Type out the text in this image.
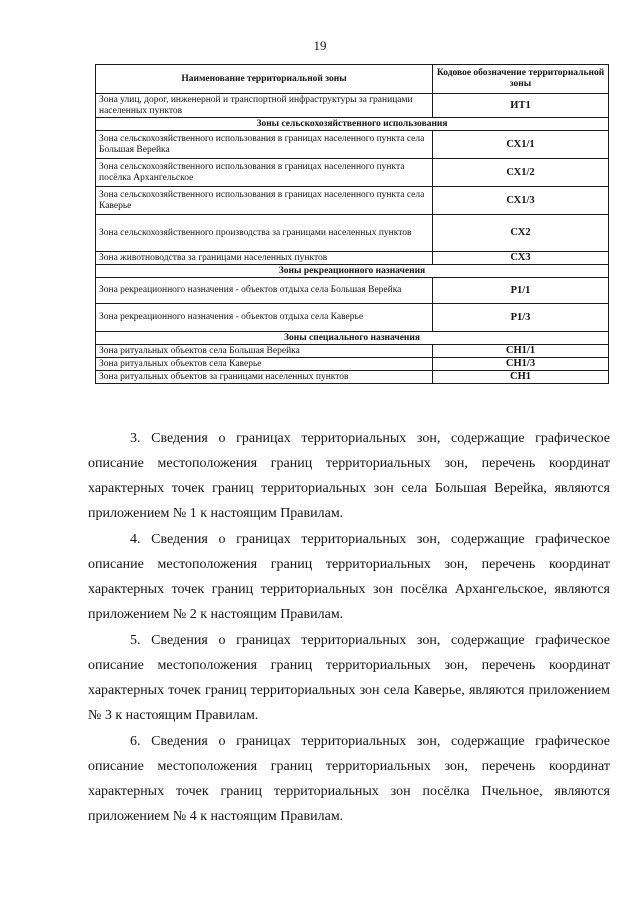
19
Наименование территориальной зоны	Кодовое обозначение территориальной зоны
Зона улиц, дорог, инженерной и транспортной инфраструктуры за границами населенных пунктов	ИТ1
Зоны сельскохозяйственного использования	
Зона сельскохозяйственного использования в границах населенного пункта села Большая Верейка	СХ1/1
Зона сельскохозяйственного использования в границах населенного пункта посёлка Архангельское	СХ1/2
Зона сельскохозяйственного использования в границах населенного пункта села Каверье	СХ1/3
Зона сельскохозяйственного производства за границами населенных пунктов	СХ2
Зона животноводства за границами населенных пунктов	СХ3
Зоны рекреационного назначения	
Зона рекреационного назначения - объектов отдыха села Большая Верейка	Р1/1
Зона рекреационного назначения - объектов отдыха села Каверье	Р1/3
Зоны специального назначения	
Зона ритуальных объектов села Большая Верейка	СН1/1
Зона ритуальных объектов села Каверье	СН1/3
Зона ритуальных объектов за границами населенных пунктов	СН1

3. Сведения о границах территориальных зон, содержащие графическое описание местоположения границ территориальных зон, перечень координат характерных точек границ территориальных зон села Большая Верейка, являются приложением № 1 к настоящим Правилам.

4. Сведения о границах территориальных зон, содержащие графическое описание местоположения границ территориальных зон, перечень координат характерных точек границ территориальных зон посёлка Архангельское, являются приложением № 2 к настоящим Правилам.

5. Сведения о границах территориальных зон, содержащие графическое описание местоположения границ территориальных зон, перечень координат характерных точек границ территориальных зон села Каверье, являются приложением № 3 к настоящим Правилам.

6. Сведения о границах территориальных зон, содержащие графическое описание местоположения границ территориальных зон, перечень координат характерных точек границ территориальных зон посёлка Пчельное, являются приложением № 4 к настоящим Правилам.
